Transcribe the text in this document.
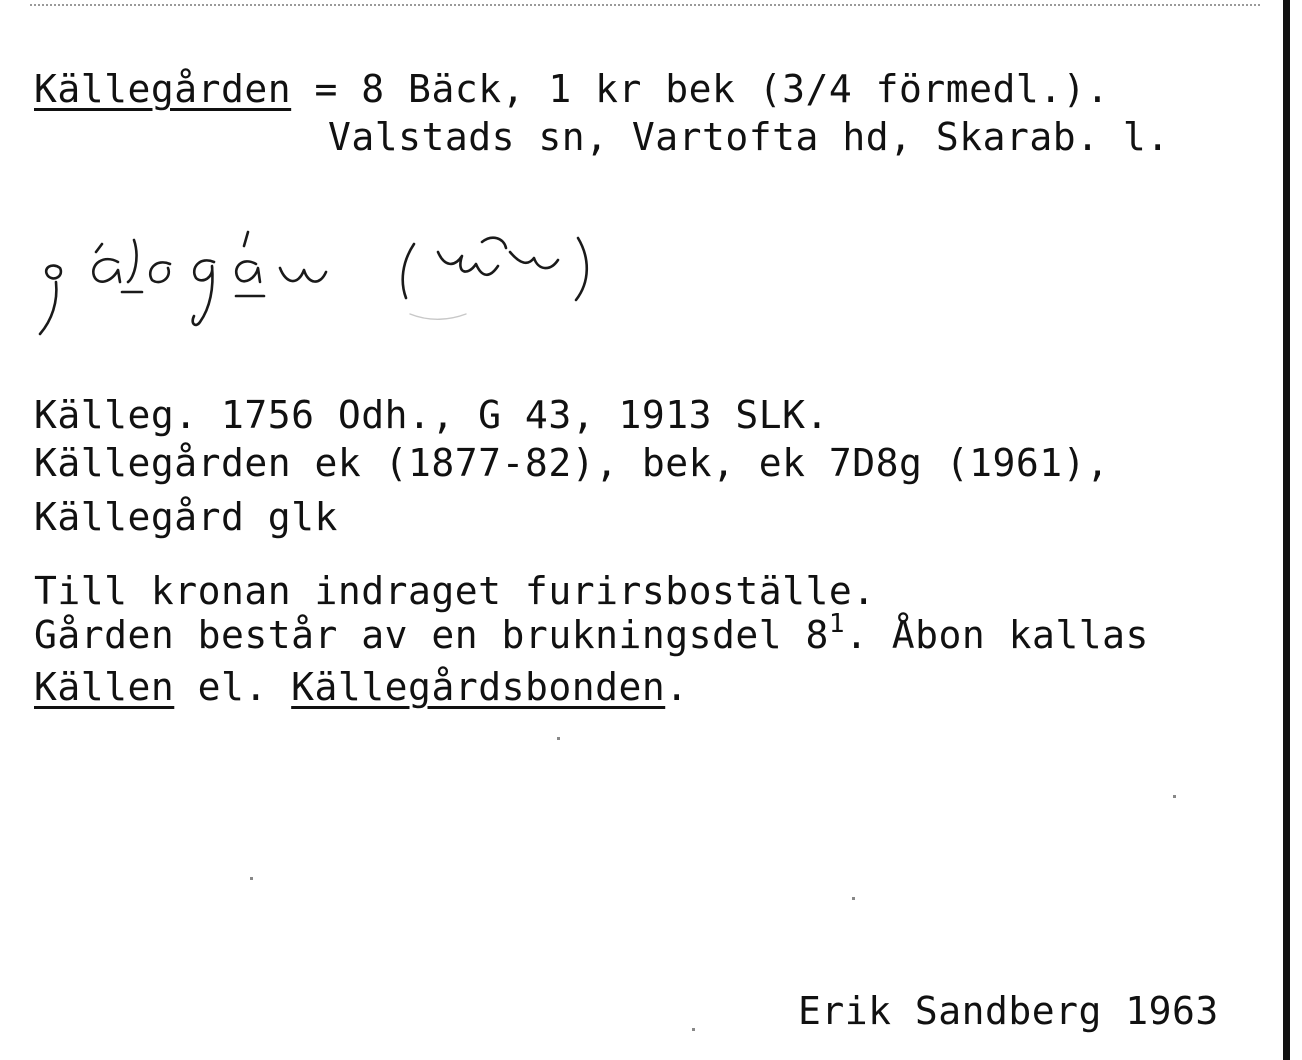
Källegården = 8 Bäck, 1 kr bek (3/4 förmedl.).
Valstads sn, Vartofta hd, Skarab. l.
Källeg. 1756 Odh., G 43, 1913 SLK.
Källegården ek (1877-82), bek, ek 7D8g (1961),
Källegård glk
Till kronan indraget furirsboställe.
Gården består av en brukningsdel $8^1$. Åbon kallas
Källen el. Källegårdsbonden.
Erik Sandberg 1963
